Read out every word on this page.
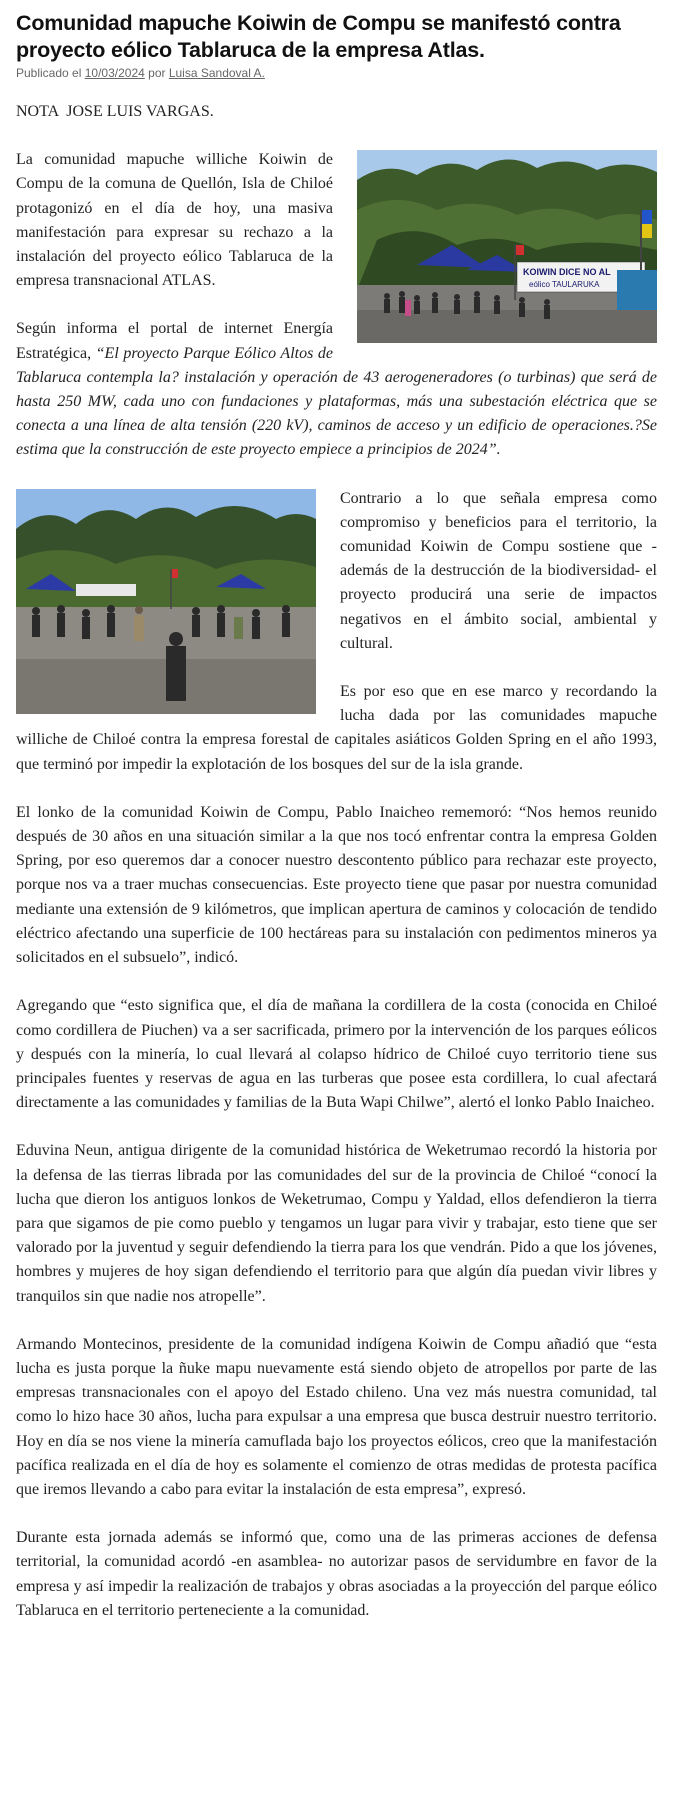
Comunidad mapuche Koiwin de Compu se manifestó contra proyecto eólico Tablaruca de la empresa Atlas.
Publicado el 10/03/2024 por Luisa Sandoval A.

NOTA  JOSE LUIS VARGAS.

KOIWIN DICE NO AL
eólico TAULARUKA

La comunidad mapuche williche Koiwin de Compu de la comuna de Quellón, Isla de Chiloé protagonizó en el día de hoy, una masiva manifestación para expresar su rechazo a la instalación del proyecto eólico Tablaruca de la empresa transnacional ATLAS.

Según informa el portal de internet Energía Estratégica, “El proyecto Parque Eólico Altos de Tablaruca contempla la? instalación y operación de 43 aerogeneradores (o turbinas) que será de hasta 250 MW, cada uno con fundaciones y plataformas, más una subestación eléctrica que se conecta a una línea de alta tensión (220 kV), caminos de acceso y un edificio de operaciones.?Se estima que la construcción de este proyecto empiece a principios de 2024”.

Contrario a lo que señala empresa como compromiso y beneficios para el territorio, la comunidad Koiwin de Compu sostiene que -además de la destrucción de la biodiversidad- el proyecto producirá una serie de impactos negativos en el ámbito social, ambiental y cultural.

Es por eso que en ese marco y recordando la lucha dada por las comunidades mapuche williche de Chiloé contra la empresa forestal de capitales asiáticos Golden Spring en el año 1993, que terminó por impedir la explotación de los bosques del sur de la isla grande.

El lonko de la comunidad Koiwin de Compu, Pablo Inaicheo rememoró: “Nos hemos reunido después de 30 años en una situación similar a la que nos tocó enfrentar contra la empresa Golden Spring, por eso queremos dar a conocer nuestro descontento público para rechazar este proyecto, porque nos va a traer muchas consecuencias. Este proyecto tiene que pasar por nuestra comunidad mediante una extensión de 9 kilómetros, que implican apertura de caminos y colocación de tendido eléctrico afectando una superficie de 100 hectáreas para su instalación con pedimentos mineros ya solicitados en el subsuelo”, indicó.

Agregando que “esto significa que, el día de mañana la cordillera de la costa (conocida en Chiloé como cordillera de Piuchen) va a ser sacrificada, primero por la intervención de los parques eólicos y después con la minería, lo cual llevará al colapso hídrico de Chiloé cuyo territorio tiene sus principales fuentes y reservas de agua en las turberas que posee esta cordillera, lo cual afectará directamente a las comunidades y familias de la Buta Wapi Chilwe”, alertó el lonko Pablo Inaicheo.

Eduvina Neun, antigua dirigente de la comunidad histórica de Weketrumao recordó la historia por la defensa de las tierras librada por las comunidades del sur de la provincia de Chiloé “conocí la lucha que dieron los antiguos lonkos de Weketrumao, Compu y Yaldad, ellos defendieron la tierra para que sigamos de pie como pueblo y tengamos un lugar para vivir y trabajar, esto tiene que ser valorado por la juventud y seguir defendiendo la tierra para los que vendrán. Pido a que los jóvenes, hombres y mujeres de hoy sigan defendiendo el territorio para que algún día puedan vivir libres y tranquilos sin que nadie nos atropelle”.

Armando Montecinos, presidente de la comunidad indígena Koiwin de Compu añadió que “esta lucha es justa porque la ñuke mapu nuevamente está siendo objeto de atropellos por parte de las empresas transnacionales con el apoyo del Estado chileno. Una vez más nuestra comunidad, tal como lo hizo hace 30 años, lucha para expulsar a una empresa que busca destruir nuestro territorio. Hoy en día se nos viene la minería camuflada bajo los proyectos eólicos, creo que la manifestación pacífica realizada en el día de hoy es solamente el comienzo de otras medidas de protesta pacífica que iremos llevando a cabo para evitar la instalación de esta empresa”, expresó.

Durante esta jornada además se informó que, como una de las primeras acciones de defensa territorial, la comunidad acordó -en asamblea- no autorizar pasos de servidumbre en favor de la empresa y así impedir la realización de trabajos y obras asociadas a la proyección del parque eólico Tablaruca en el territorio perteneciente a la comunidad.
